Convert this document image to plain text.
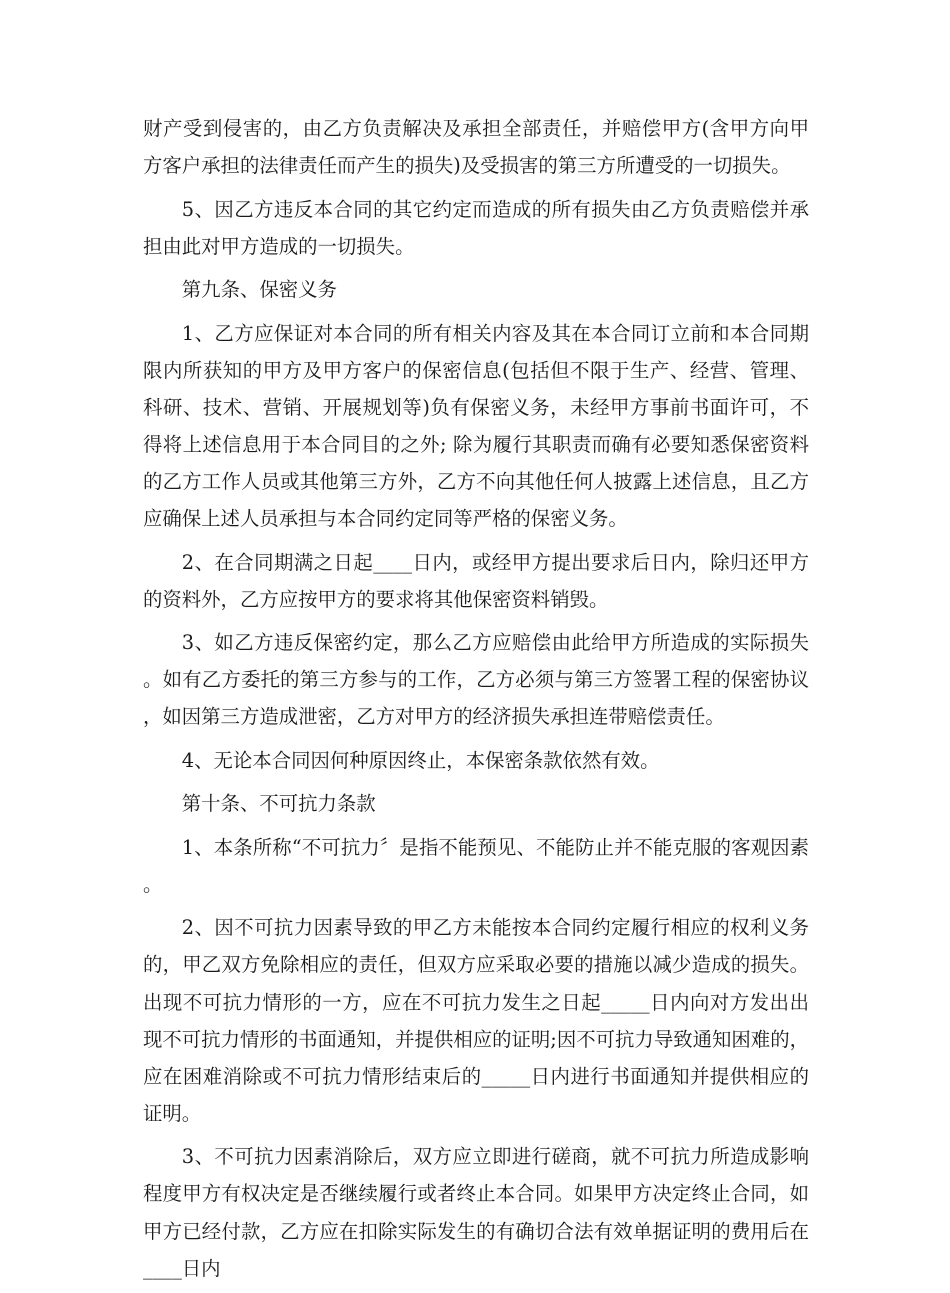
财产受到侵害的，由乙方负责解决及承担全部责任，并赔偿甲方(含甲方向甲方客户承担的法律责任而产生的损失)及受损害的第三方所遭受的一切损失。

5、因乙方违反本合同的其它约定而造成的所有损失由乙方负责赔偿并承担由此对甲方造成的一切损失。

第九条、保密义务

1、乙方应保证对本合同的所有相关内容及其在本合同订立前和本合同期限内所获知的甲方及甲方客户的保密信息(包括但不限于生产、经营、管理、科研、技术、营销、开展规划等)负有保密义务，未经甲方事前书面许可，不得将上述信息用于本合同目的之外; 除为履行其职责而确有必要知悉保密资料的乙方工作人员或其他第三方外，乙方不向其他任何人披露上述信息，且乙方应确保上述人员承担与本合同约定同等严格的保密义务。

2、在合同期满之日起____日内，或经甲方提出要求后日内，除归还甲方的资料外，乙方应按甲方的要求将其他保密资料销毁。

3、如乙方违反保密约定，那么乙方应赔偿由此给甲方所造成的实际损失。如有乙方委托的第三方参与的工作，乙方必须与第三方签署工程的保密协议，如因第三方造成泄密，乙方对甲方的经济损失承担连带赔偿责任。

4、无论本合同因何种原因终止，本保密条款依然有效。

第十条、不可抗力条款

1、本条所称“不可抗力〞是指不能预见、不能防止并不能克服的客观因素。

2、因不可抗力因素导致的甲乙方未能按本合同约定履行相应的权利义务的，甲乙双方免除相应的责任，但双方应采取必要的措施以减少造成的损失。出现不可抗力情形的一方，应在不可抗力发生之日起_____日内向对方发出出现不可抗力情形的书面通知，并提供相应的证明;因不可抗力导致通知困难的，应在困难消除或不可抗力情形结束后的_____日内进行书面通知并提供相应的证明。

3、不可抗力因素消除后，双方应立即进行磋商，就不可抗力所造成影响程度甲方有权决定是否继续履行或者终止本合同。如果甲方决定终止合同，如甲方已经付款，乙方应在扣除实际发生的有确切合法有效单据证明的费用后在____日内
